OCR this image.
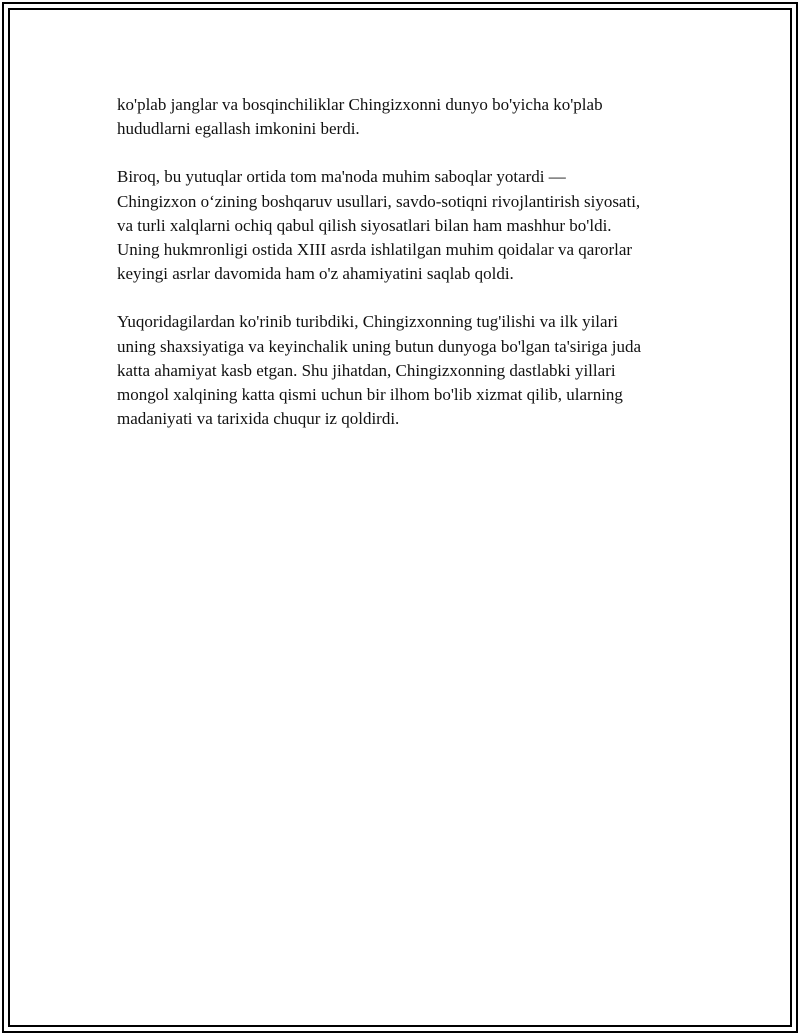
ko'plab janglar va bosqinchiliklar Chingizxonni dunyo bo'yicha ko'plab
hududlarni egallash imkonini berdi.

Biroq, bu yutuqlar ortida tom ma'noda muhim saboqlar yotardi —
Chingizxon o‘zining boshqaruv usullari, savdo-sotiqni rivojlantirish siyosati,
va turli xalqlarni ochiq qabul qilish siyosatlari bilan ham mashhur bo'ldi.
Uning hukmronligi ostida XIII asrda ishlatilgan muhim qoidalar va qarorlar
keyingi asrlar davomida ham o'z ahamiyatini saqlab qoldi.

Yuqoridagilardan ko'rinib turibdiki, Chingizxonning tug'ilishi va ilk yilari
uning shaxsiyatiga va keyinchalik uning butun dunyoga bo'lgan ta'siriga juda
katta ahamiyat kasb etgan. Shu jihatdan, Chingizxonning dastlabki yillari
mongol xalqining katta qismi uchun bir ilhom bo'lib xizmat qilib, ularning
madaniyati va tarixida chuqur iz qoldirdi.
